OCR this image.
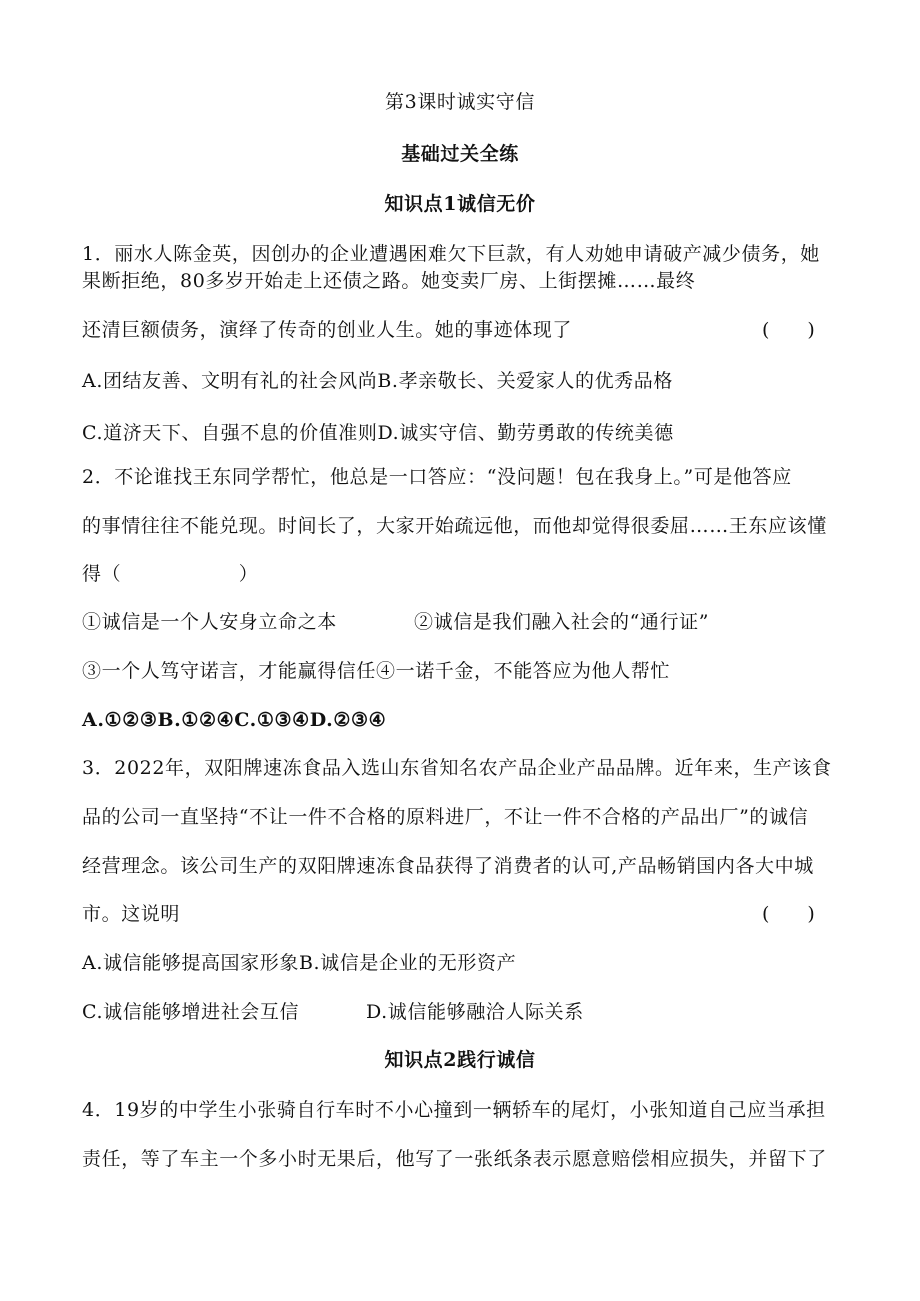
第3课时诚实守信
基础过关全练
知识点1诚信无价
1．丽水人陈金英，因创办的企业遭遇困难欠下巨款，有人劝她申请破产减少债务，她
果断拒绝，80多岁开始走上还债之路。她变卖厂房、上街摆摊……最终
还清巨额债务，演绎了传奇的创业人生。她的事迹体现了	(　　)
A.团结友善、文明有礼的社会风尚B.孝亲敬长、关爱家人的优秀品格
C.道济天下、自强不息的价值准则D.诚实守信、勤劳勇敢的传统美德
2．不论谁找王东同学帮忙，他总是一口答应：“没问题！包在我身上。”可是他答应
的事情往往不能兑现。时间长了，大家开始疏远他，而他却觉得很委屈……王东应该懂
得（　　　　　　）
①诚信是一个人安身立命之本	②诚信是我们融入社会的“通行证”
③一个人笃守诺言，才能赢得信任④一诺千金，不能答应为他人帮忙
A.①②③B.①②④C.①③④D.②③④
3．2022年，双阳牌速冻食品入选山东省知名农产品企业产品品牌。近年来，生产该食
品的公司一直坚持“不让一件不合格的原料进厂，不让一件不合格的产品出厂”的诚信
经营理念。该公司生产的双阳牌速冻食品获得了消费者的认可,产品畅销国内各大中城
市。这说明	(　　)
A.诚信能够提高国家形象B.诚信是企业的无形资产
C.诚信能够增进社会互信	D.诚信能够融洽人际关系
知识点2践行诚信
4．19岁的中学生小张骑自行车时不小心撞到一辆轿车的尾灯，小张知道自己应当承担
责任，等了车主一个多小时无果后，他写了一张纸条表示愿意赔偿相应损失，并留下了
